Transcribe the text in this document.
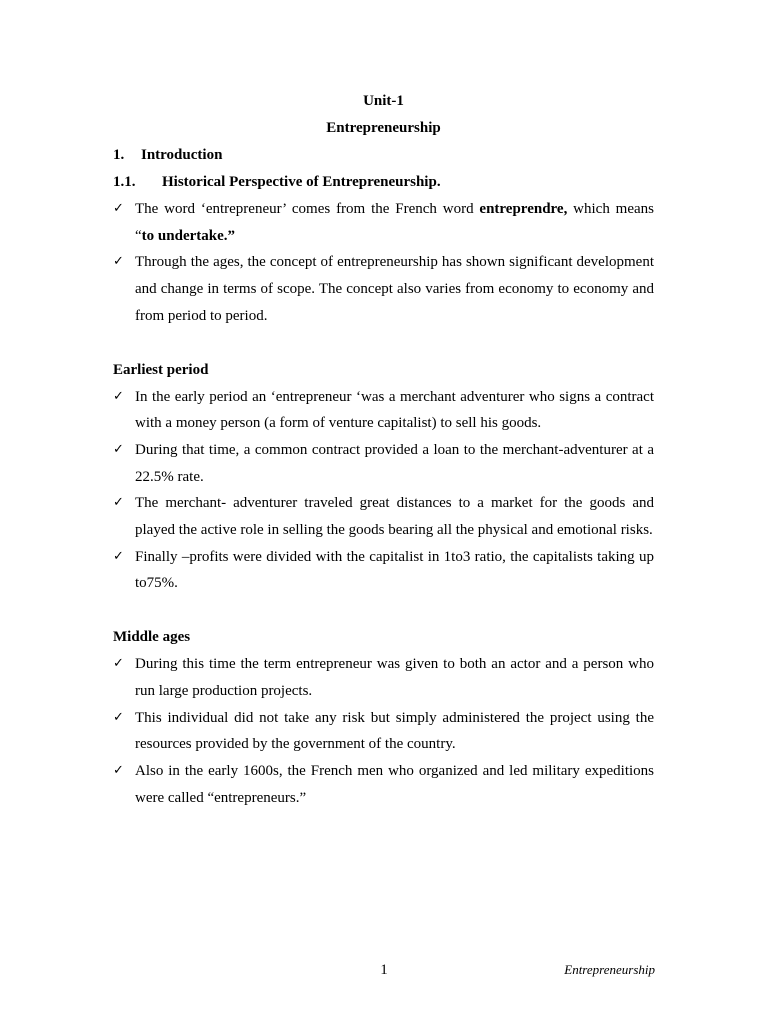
Unit-1
Entrepreneurship
1.	Introduction
1.1.	Historical Perspective of Entrepreneurship.
✓ The word ‘entrepreneur’ comes from the French word entreprendre, which means “to undertake.”
✓ Through the ages, the concept of entrepreneurship has shown significant development and change in terms of scope. The concept also varies from economy to economy and from period to period.
Earliest period
✓ In the early period an ‘entrepreneur ‘was a merchant adventurer who signs a contract with a money person (a form of venture capitalist) to sell his goods.
✓ During that time, a common contract provided a loan to the merchant-adventurer at a 22.5% rate.
✓ The merchant- adventurer traveled great distances to a market for the goods and played the active role in selling the goods bearing all the physical and emotional risks.
✓ Finally –profits were divided with the capitalist in 1to3 ratio, the capitalists taking up to75%.
Middle ages
✓ During this time the term entrepreneur was given to both an actor and a person who run large production projects.
✓ This individual did not take any risk but simply administered the project using the resources provided by the government of the country.
✓ Also in the early 1600s, the French men who organized and led military expeditions were called “entrepreneurs.”
1	Entrepreneurship
